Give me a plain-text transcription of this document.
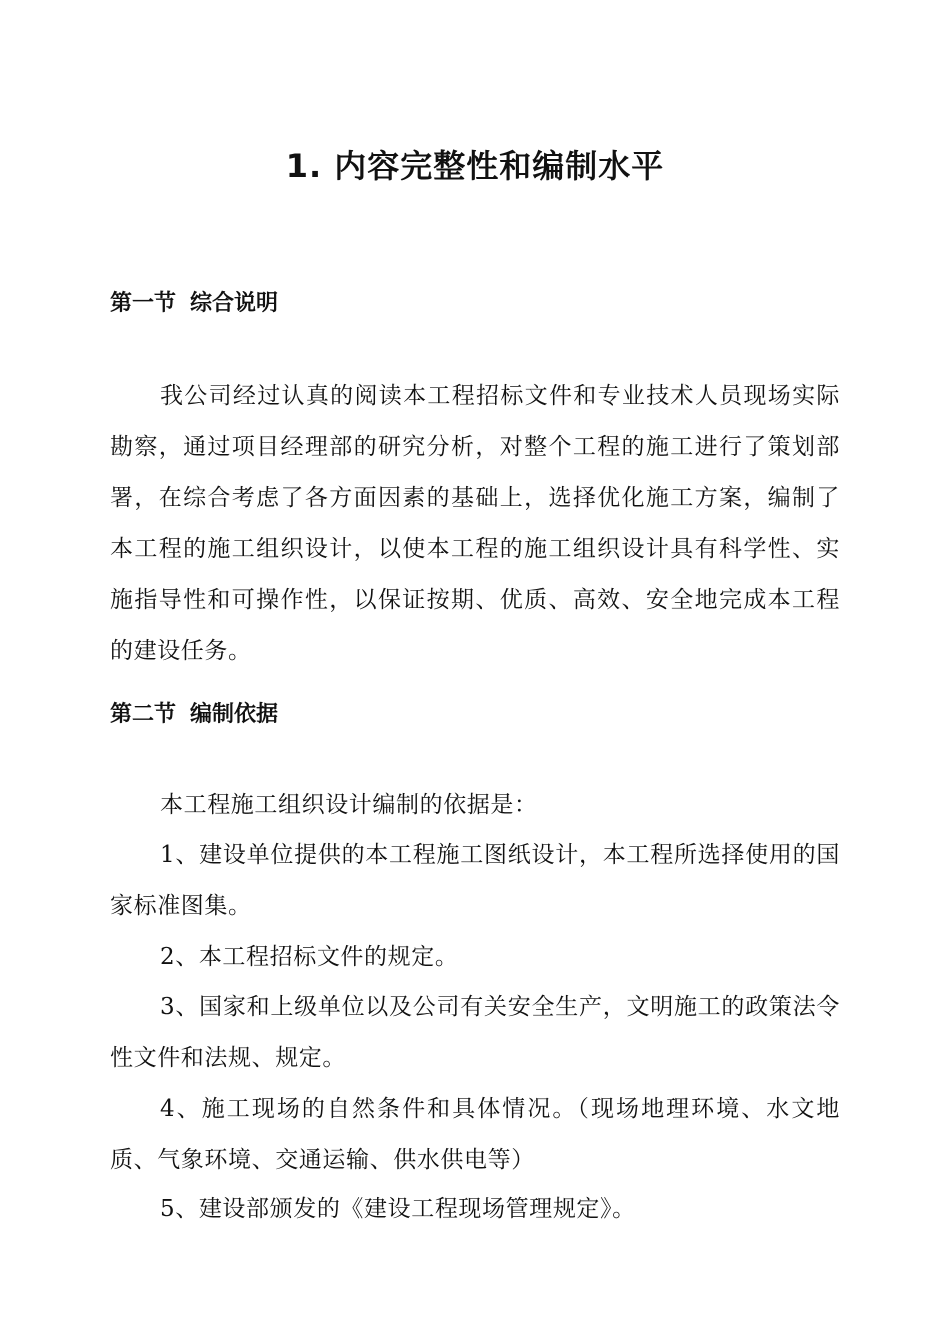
1. 内容完整性和编制水平
第一节 综合说明

我公司经过认真的阅读本工程招标文件和专业技术人员现场实际勘察，通过项目经理部的研究分析，对整个工程的施工进行了策划部署，在综合考虑了各方面因素的基础上，选择优化施工方案，编制了本工程的施工组织设计，以使本工程的施工组织设计具有科学性、实施指导性和可操作性，以保证按期、优质、高效、安全地完成本工程的建设任务。

第二节 编制依据

本工程施工组织设计编制的依据是：

1、建设单位提供的本工程施工图纸设计，本工程所选择使用的国家标准图集。

2、本工程招标文件的规定。

3、国家和上级单位以及公司有关安全生产，文明施工的政策法令性文件和法规、规定。

4、施工现场的自然条件和具体情况。（现场地理环境、水文地质、气象环境、交通运输、供水供电等）

5、建设部颁发的《建设工程现场管理规定》。
